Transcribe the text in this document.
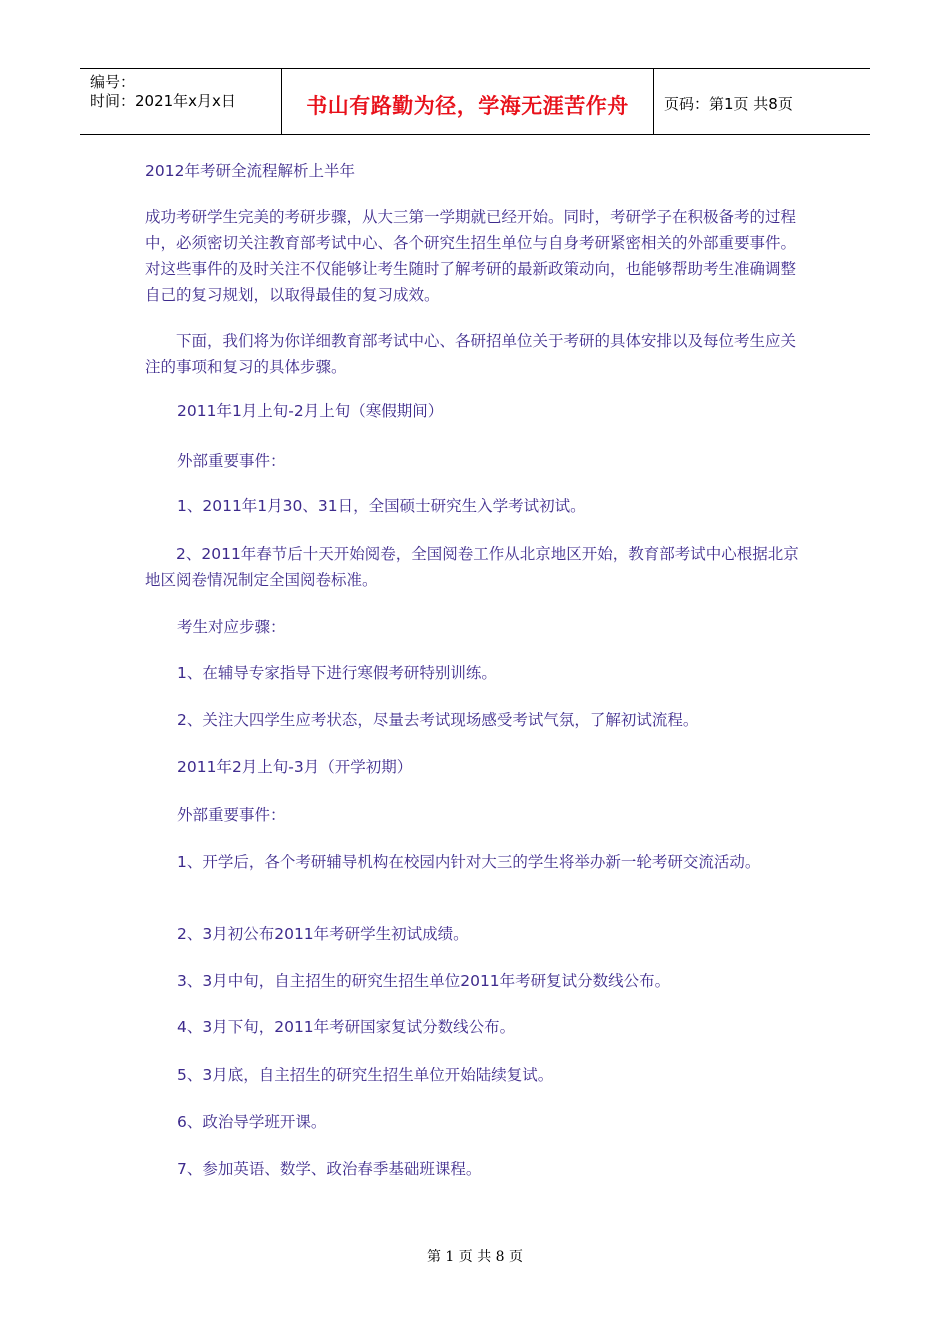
编号：
时间：2021年x月x日	书山有路勤为径，学海无涯苦作舟	页码：第1页 共8页
2012年考研全流程解析上半年
成功考研学生完美的考研步骤，从大三第一学期就已经开始。同时，考研学子在积极备考的过程中，必须密切关注教育部考试中心、各个研究生招生单位与自身考研紧密相关的外部重要事件。对这些事件的及时关注不仅能够让考生随时了解考研的最新政策动向，也能够帮助考生准确调整自己的复习规划，以取得最佳的复习成效。
下面，我们将为你详细教育部考试中心、各研招单位关于考研的具体安排以及每位考生应关注的事项和复习的具体步骤。
2011年1月上旬-2月上旬（寒假期间）
外部重要事件：
1、2011年1月30、31日，全国硕士研究生入学考试初试。
2、2011年春节后十天开始阅卷，全国阅卷工作从北京地区开始，教育部考试中心根据北京地区阅卷情况制定全国阅卷标准。
考生对应步骤：
1、在辅导专家指导下进行寒假考研特别训练。
2、关注大四学生应考状态，尽量去考试现场感受考试气氛，了解初试流程。
2011年2月上旬-3月（开学初期）
外部重要事件：
1、开学后，各个考研辅导机构在校园内针对大三的学生将举办新一轮考研交流活动。
2、3月初公布2011年考研学生初试成绩。
3、3月中旬，自主招生的研究生招生单位2011年考研复试分数线公布。
4、3月下旬，2011年考研国家复试分数线公布。
5、3月底，自主招生的研究生招生单位开始陆续复试。
6、政治导学班开课。
7、参加英语、数学、政治春季基础班课程。
第 1 页 共 8 页
